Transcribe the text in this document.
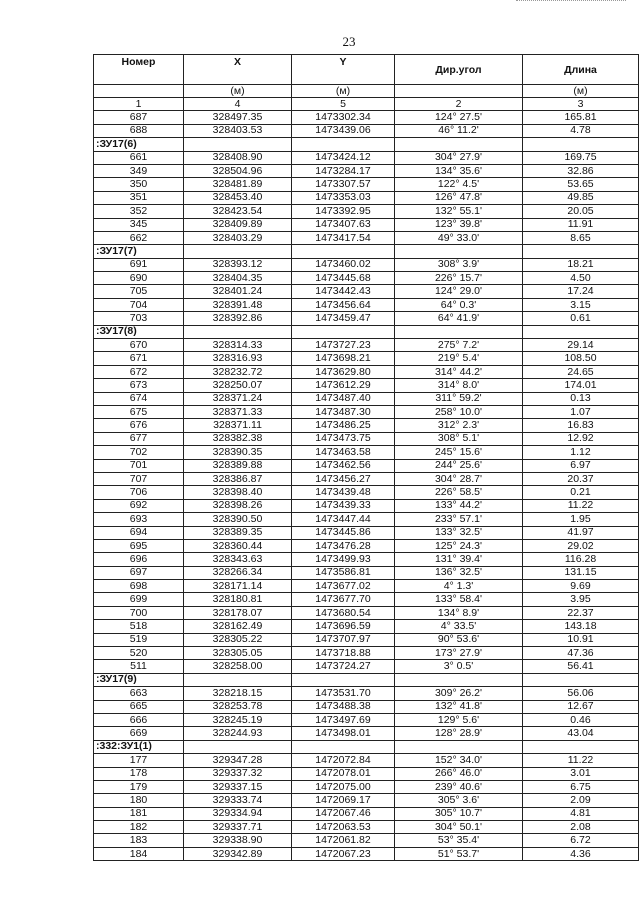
23
Номер	X	Y	Дир.угол	Длина
	(м)	(м)		(м)
1	4	5	2	3
687	328497.35	1473302.34	124° 27.5'	165.81
688	328403.53	1473439.06	46° 11.2'	4.78
:ЗУ17(6)				
661	328408.90	1473424.12	304° 27.9'	169.75
349	328504.96	1473284.17	134° 35.6'	32.86
350	328481.89	1473307.57	122° 4.5'	53.65
351	328453.40	1473353.03	126° 47.8'	49.85
352	328423.54	1473392.95	132° 55.1'	20.05
345	328409.89	1473407.63	123° 39.8'	11.91
662	328403.29	1473417.54	49° 33.0'	8.65
:ЗУ17(7)				
691	328393.12	1473460.02	308° 3.9'	18.21
690	328404.35	1473445.68	226° 15.7'	4.50
705	328401.24	1473442.43	124° 29.0'	17.24
704	328391.48	1473456.64	64° 0.3'	3.15
703	328392.86	1473459.47	64° 41.9'	0.61
:ЗУ17(8)				
670	328314.33	1473727.23	275° 7.2'	29.14
671	328316.93	1473698.21	219° 5.4'	108.50
672	328232.72	1473629.80	314° 44.2'	24.65
673	328250.07	1473612.29	314° 8.0'	174.01
674	328371.24	1473487.40	311° 59.2'	0.13
675	328371.33	1473487.30	258° 10.0'	1.07
676	328371.11	1473486.25	312° 2.3'	16.83
677	328382.38	1473473.75	308° 5.1'	12.92
702	328390.35	1473463.58	245° 15.6'	1.12
701	328389.88	1473462.56	244° 25.6'	6.97
707	328386.87	1473456.27	304° 28.7'	20.37
706	328398.40	1473439.48	226° 58.5'	0.21
692	328398.26	1473439.33	133° 44.2'	11.22
693	328390.50	1473447.44	233° 57.1'	1.95
694	328389.35	1473445.86	133° 32.5'	41.97
695	328360.44	1473476.28	125° 24.3'	29.02
696	328343.63	1473499.93	131° 39.4'	116.28
697	328266.34	1473586.81	136° 32.5'	131.15
698	328171.14	1473677.02	4° 1.3'	9.69
699	328180.81	1473677.70	133° 58.4'	3.95
700	328178.07	1473680.54	134° 8.9'	22.37
518	328162.49	1473696.59	4° 33.5'	143.18
519	328305.22	1473707.97	90° 53.6'	10.91
520	328305.05	1473718.88	173° 27.9'	47.36
511	328258.00	1473724.27	3° 0.5'	56.41
:ЗУ17(9)				
663	328218.15	1473531.70	309° 26.2'	56.06
665	328253.78	1473488.38	132° 41.8'	12.67
666	328245.19	1473497.69	129° 5.6'	0.46
669	328244.93	1473498.01	128° 28.9'	43.04
:332:ЗУ1(1)				
177	329347.28	1472072.84	152° 34.0'	11.22
178	329337.32	1472078.01	266° 46.0'	3.01
179	329337.15	1472075.00	239° 40.6'	6.75
180	329333.74	1472069.17	305° 3.6'	2.09
181	329334.94	1472067.46	305° 10.7'	4.81
182	329337.71	1472063.53	304° 50.1'	2.08
183	329338.90	1472061.82	53° 35.4'	6.72
184	329342.89	1472067.23	51° 53.7'	4.36
